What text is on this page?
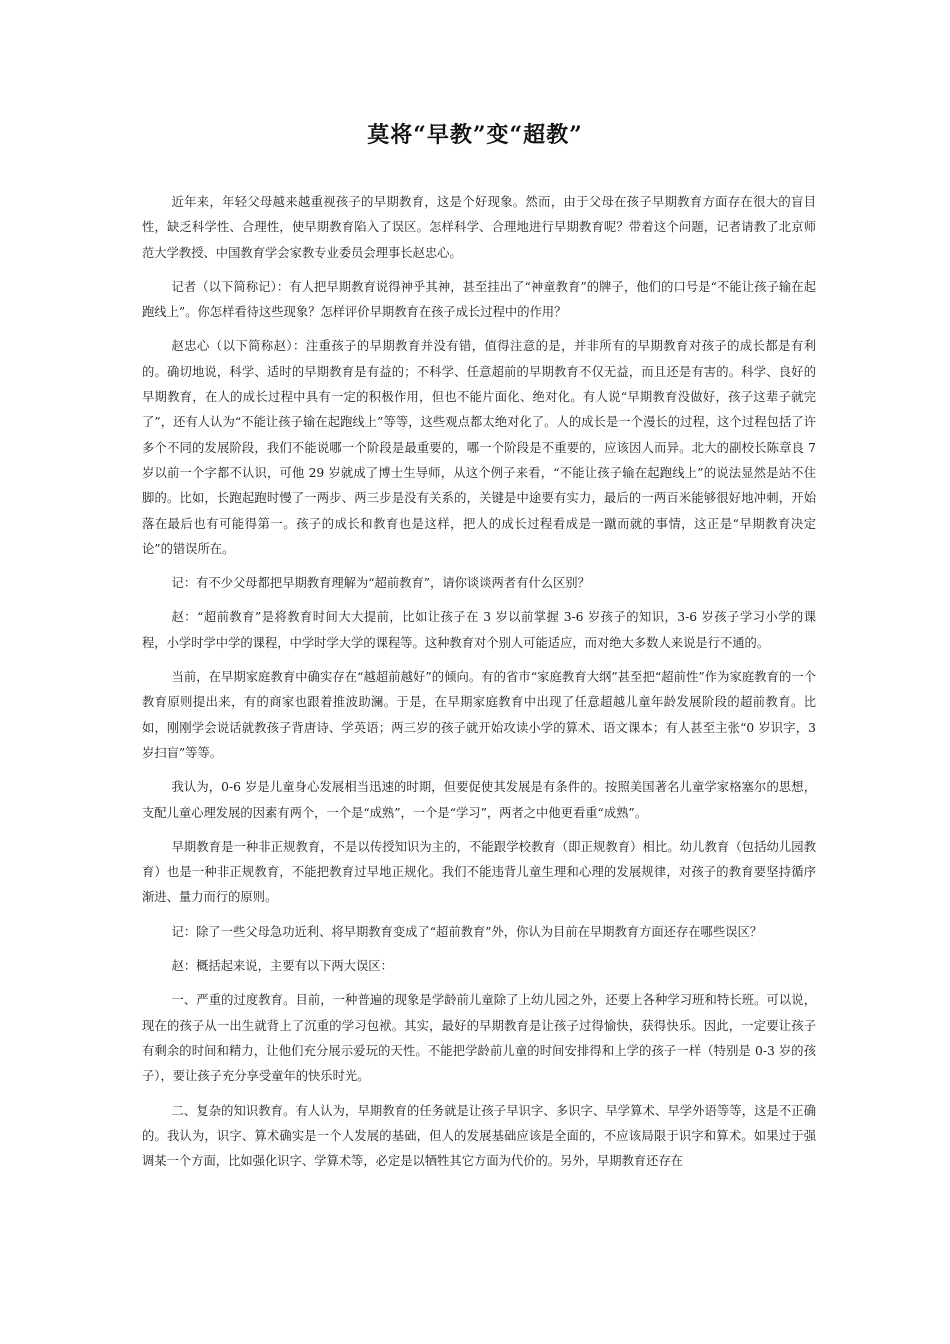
莫将“早教”变“超教”

近年来，年轻父母越来越重视孩子的早期教育，这是个好现象。然而，由于父母在孩子早期教育方面存在很大的盲目性，缺乏科学性、合理性，使早期教育陷入了误区。怎样科学、合理地进行早期教育呢？带着这个问题，记者请教了北京师范大学教授、中国教育学会家教专业委员会理事长赵忠心。

记者（以下简称记）：有人把早期教育说得神乎其神，甚至挂出了“神童教育”的牌子，他们的口号是“不能让孩子输在起跑线上”。你怎样看待这些现象？怎样评价早期教育在孩子成长过程中的作用？

赵忠心（以下简称赵）：注重孩子的早期教育并没有错，值得注意的是，并非所有的早期教育对孩子的成长都是有利的。确切地说，科学、适时的早期教育是有益的；不科学、任意超前的早期教育不仅无益，而且还是有害的。科学、良好的早期教育，在人的成长过程中具有一定的积极作用，但也不能片面化、绝对化。有人说“早期教育没做好，孩子这辈子就完了”，还有人认为“不能让孩子输在起跑线上”等等，这些观点都太绝对化了。人的成长是一个漫长的过程，这个过程包括了许多个不同的发展阶段，我们不能说哪一个阶段是最重要的，哪一个阶段是不重要的，应该因人而异。北大的副校长陈章良 7 岁以前一个字都不认识，可他 29 岁就成了博士生导师，从这个例子来看，“不能让孩子输在起跑线上”的说法显然是站不住脚的。比如，长跑起跑时慢了一两步、两三步是没有关系的，关键是中途要有实力，最后的一两百米能够很好地冲刺，开始落在最后也有可能得第一。孩子的成长和教育也是这样，把人的成长过程看成是一蹴而就的事情，这正是“早期教育决定论”的错误所在。

记：有不少父母都把早期教育理解为“超前教育”，请你谈谈两者有什么区别？

赵：“超前教育”是将教育时间大大提前，比如让孩子在 3 岁以前掌握 3-6 岁孩子的知识，3-6 岁孩子学习小学的课程，小学时学中学的课程，中学时学大学的课程等。这种教育对个别人可能适应，而对绝大多数人来说是行不通的。

当前，在早期家庭教育中确实存在“越超前越好”的倾向。有的省市“家庭教育大纲”甚至把“超前性”作为家庭教育的一个教育原则提出来，有的商家也跟着推波助澜。于是，在早期家庭教育中出现了任意超越儿童年龄发展阶段的超前教育。比如，刚刚学会说话就教孩子背唐诗、学英语；两三岁的孩子就开始攻读小学的算术、语文课本；有人甚至主张“0 岁识字，3 岁扫盲”等等。

我认为，0-6 岁是儿童身心发展相当迅速的时期，但要促使其发展是有条件的。按照美国著名儿童学家格塞尔的思想，支配儿童心理发展的因素有两个，一个是“成熟”，一个是“学习”，两者之中他更看重“成熟”。

早期教育是一种非正规教育，不是以传授知识为主的，不能跟学校教育（即正规教育）相比。幼儿教育（包括幼儿园教育）也是一种非正规教育，不能把教育过早地正规化。我们不能违背儿童生理和心理的发展规律，对孩子的教育要坚持循序渐进、量力而行的原则。

记：除了一些父母急功近利、将早期教育变成了“超前教育”外，你认为目前在早期教育方面还存在哪些误区？

赵：概括起来说，主要有以下两大误区：

一、严重的过度教育。目前，一种普遍的现象是学龄前儿童除了上幼儿园之外，还要上各种学习班和特长班。可以说，现在的孩子从一出生就背上了沉重的学习包袱。其实，最好的早期教育是让孩子过得愉快，获得快乐。因此，一定要让孩子有剩余的时间和精力，让他们充分展示爱玩的天性。不能把学龄前儿童的时间安排得和上学的孩子一样（特别是 0-3 岁的孩子），要让孩子充分享受童年的快乐时光。

二、复杂的知识教育。有人认为，早期教育的任务就是让孩子早识字、多识字、早学算术、早学外语等等，这是不正确的。我认为，识字、算术确实是一个人发展的基础，但人的发展基础应该是全面的，不应该局限于识字和算术。如果过于强调某一个方面，比如强化识字、学算术等，必定是以牺牲其它方面为代价的。另外，早期教育还存在
